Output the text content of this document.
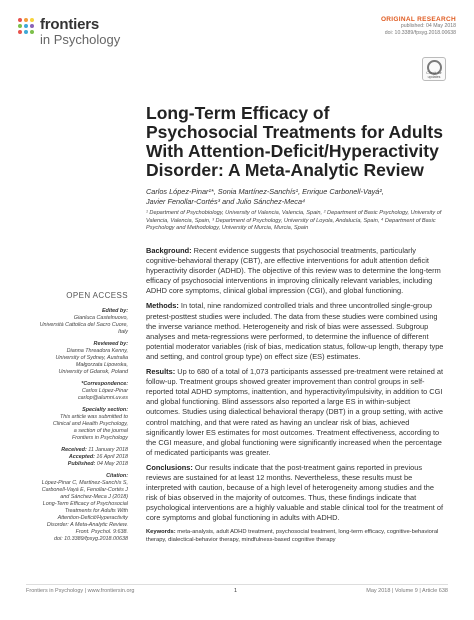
frontiers
in Psychology
ORIGINAL RESEARCH
published: 04 May 2018
doi: 10.3389/fpsyg.2018.00638
Check for updates
Long-Term Efficacy of Psychosocial Treatments for Adults With Attention-Deficit/Hyperactivity Disorder: A Meta-Analytic Review
Carlos López-Pinar¹*, Sonia Martínez-Sanchís¹, Enrique Carbonell-Vayá²,
Javier Fenollar-Cortés³ and Julio Sánchez-Meca⁴
¹ Department of Psychobiology, University of Valencia, Valencia, Spain, ² Department of Basic Psychology, University of Valencia, Valencia, Spain, ³ Department of Psychology, University of Loyola, Andalucía, Spain, ⁴ Department of Basic Psychology and Methodology, University of Murcia, Murcia, Spain
OPEN ACCESS
Edited by:
Gianluca Castelnuovo,
Università Cattolica del Sacro Cuore,
Italy
Reviewed by:
Dianna Threadora Kenny,
University of Sydney, Australia
Małgorzata Lipowska,
University of Gdansk, Poland
*Correspondence:
Carlos López-Pinar
carlop@alumni.uv.es
Specialty section:
This article was submitted to
Clinical and Health Psychology,
a section of the journal
Frontiers in Psychology
Received: 11 January 2018
Accepted: 16 April 2018
Published: 04 May 2018
Citation:
López-Pinar C, Martínez-Sanchís S,
Carbonell-Vayá E, Fenollar-Cortés J
and Sánchez-Meca J (2018)
Long-Term Efficacy of Psychosocial
Treatments for Adults With
Attention-Deficit/Hyperactivity
Disorder: A Meta-Analytic Review.
Front. Psychol. 9:638.
doi: 10.3389/fpsyg.2018.00638

Background: Recent evidence suggests that psychosocial treatments, particularly cognitive-behavioral therapy (CBT), are effective interventions for adult attention deficit hyperactivity disorder (ADHD). The objective of this review was to determine the long-term efficacy of psychosocial interventions in improving clinically relevant variables, including ADHD core symptoms, clinical global impression (CGI), and global functioning.

Methods: In total, nine randomized controlled trials and three uncontrolled single-group pretest-posttest studies were included. The data from these studies were combined using the inverse variance method. Heterogeneity and risk of bias were assessed. Subgroup analyses and meta-regressions were performed, to determine the influence of different potential moderator variables (risk of bias, medication status, follow-up length, therapy type and setting, and control group type) on effect size (ES) estimates.

Results: Up to 680 of a total of 1,073 participants assessed pre-treatment were retained at follow-up. Treatment groups showed greater improvement than control groups in self-reported total ADHD symptoms, inattention, and hyperactivity/impulsivity, in addition to CGI and global functioning. Blind assessors also reported a large ES in within-subject outcomes. Studies using dialectical behavioral therapy (DBT) in a group setting, with active control matching, and that were rated as having an unclear risk of bias, achieved significantly lower ES estimates for most outcomes. Treatment effectiveness, according to the CGI measure, and global functioning were significantly increased when the percentage of medicated participants was greater.

Conclusions: Our results indicate that the post-treatment gains reported in previous reviews are sustained for at least 12 months. Nevertheless, these results must be interpreted with caution, because of a high level of heterogeneity among studies and the risk of bias observed in the majority of outcomes. Thus, these findings indicate that psychological interventions are a highly valuable and stable clinical tool for the treatment of core symptoms and global functioning in adults with ADHD.

Keywords: meta-analysis, adult ADHD treatment, psychosocial treatment, long-term efficacy, cognitive-behavioral therapy, dialectical-behavior therapy, mindfulness-based cognitive therapy

Frontiers in Psychology | www.frontiersin.org	1	May 2018 | Volume 9 | Article 638
